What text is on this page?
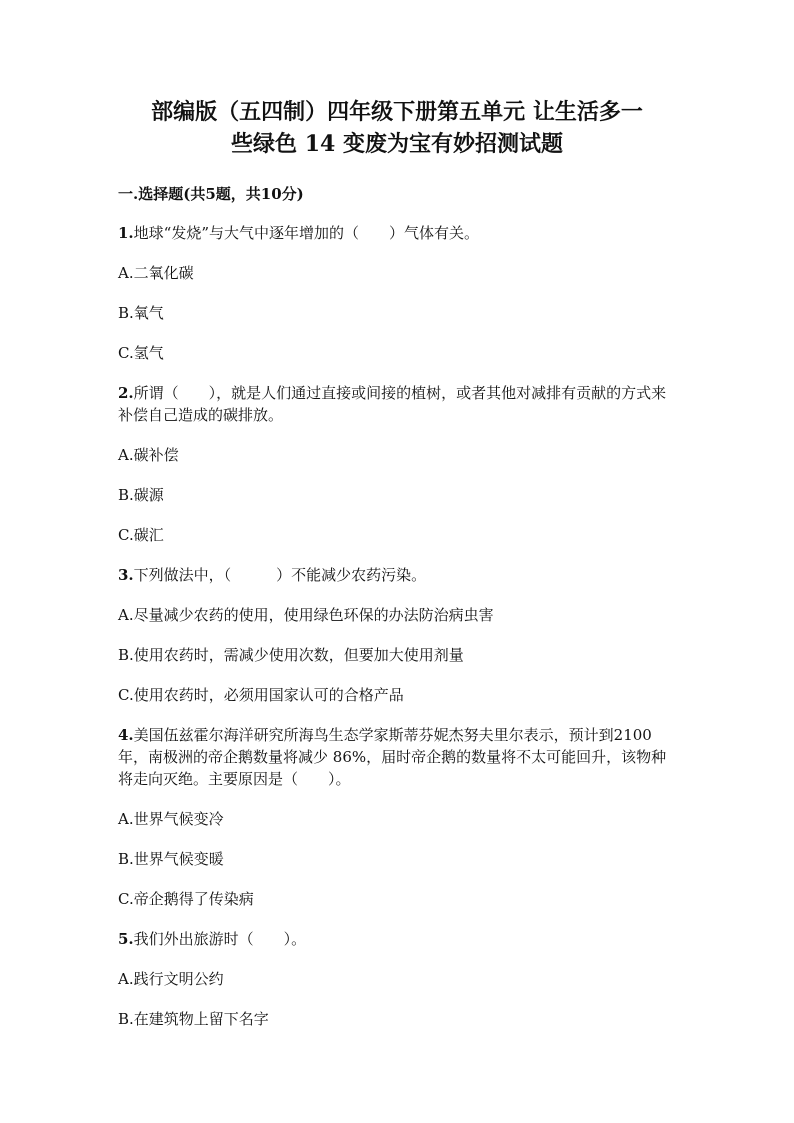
部编版（五四制）四年级下册第五单元 让生活多一
些绿色 14 变废为宝有妙招测试题
一.选择题(共5题，共10分)
1.地球“发烧”与大气中逐年增加的（　　）气体有关。
A.二氧化碳
B.氧气
C.氢气
2.所谓（　　），就是人们通过直接或间接的植树，或者其他对减排有贡献的方式来补偿自己造成的碳排放。
A.碳补偿
B.碳源
C.碳汇
3.下列做法中，（　　　）不能减少农药污染。
A.尽量减少农药的使用，使用绿色环保的办法防治病虫害
B.使用农药时，需减少使用次数，但要加大使用剂量
C.使用农药时，必须用国家认可的合格产品
4.美国伍兹霍尔海洋研究所海鸟生态学家斯蒂芬妮杰努夫里尔表示，预计到2100年，南极洲的帝企鹅数量将减少 86%，届时帝企鹅的数量将不太可能回升，该物种将走向灭绝。主要原因是（　　）。
A.世界气候变冷
B.世界气候变暖
C.帝企鹅得了传染病
5.我们外出旅游时（　　）。
A.践行文明公约
B.在建筑物上留下名字
